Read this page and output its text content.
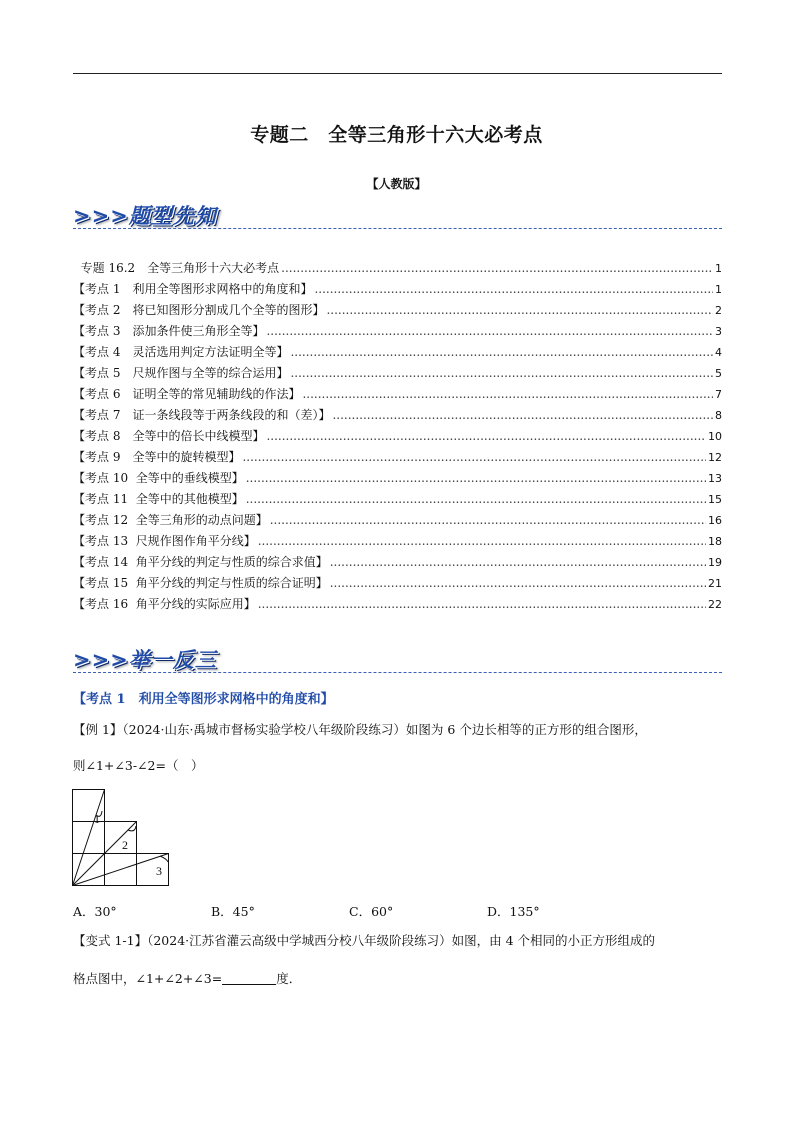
专题二　全等三角形十六大必考点
【人教版】
>>>题型先知
专题 16.2　全等三角形十六大必考点 .....	1
【考点 1　利用全等图形求网格中的角度和】 .....	1
【考点 2　将已知图形分割成几个全等的图形】 .....	2
【考点 3　添加条件使三角形全等】 .....	3
【考点 4　灵活选用判定方法证明全等】 .....	4
【考点 5　尺规作图与全等的综合运用】 .....	5
【考点 6　证明全等的常见辅助线的作法】 .....	7
【考点 7　证一条线段等于两条线段的和（差）】 .....	8
【考点 8　全等中的倍长中线模型】 .....	10
【考点 9　全等中的旋转模型】 .....	12
【考点 10  全等中的垂线模型】 .....	13
【考点 11  全等中的其他模型】 .....	15
【考点 12  全等三角形的动点问题】 .....	16
【考点 13  尺规作图作角平分线】 .....	18
【考点 14  角平分线的判定与性质的综合求值】 .....	19
【考点 15  角平分线的判定与性质的综合证明】 .....	21
【考点 16  角平分线的实际应用】 .....	22
>>>举一反三
【考点 1　利用全等图形求网格中的角度和】
【例 1】（2024·山东·禹城市督杨实验学校八年级阶段练习）如图为 6 个边长相等的正方形的组合图形，
则∠1+∠3-∠2=（　）
1
2
3
A．30°	B．45°	C．60°	D．135°
【变式 1-1】（2024·江苏省灌云高级中学城西分校八年级阶段练习）如图，由 4 个相同的小正方形组成的
格点图中，∠1+∠2+∠3=	度．
